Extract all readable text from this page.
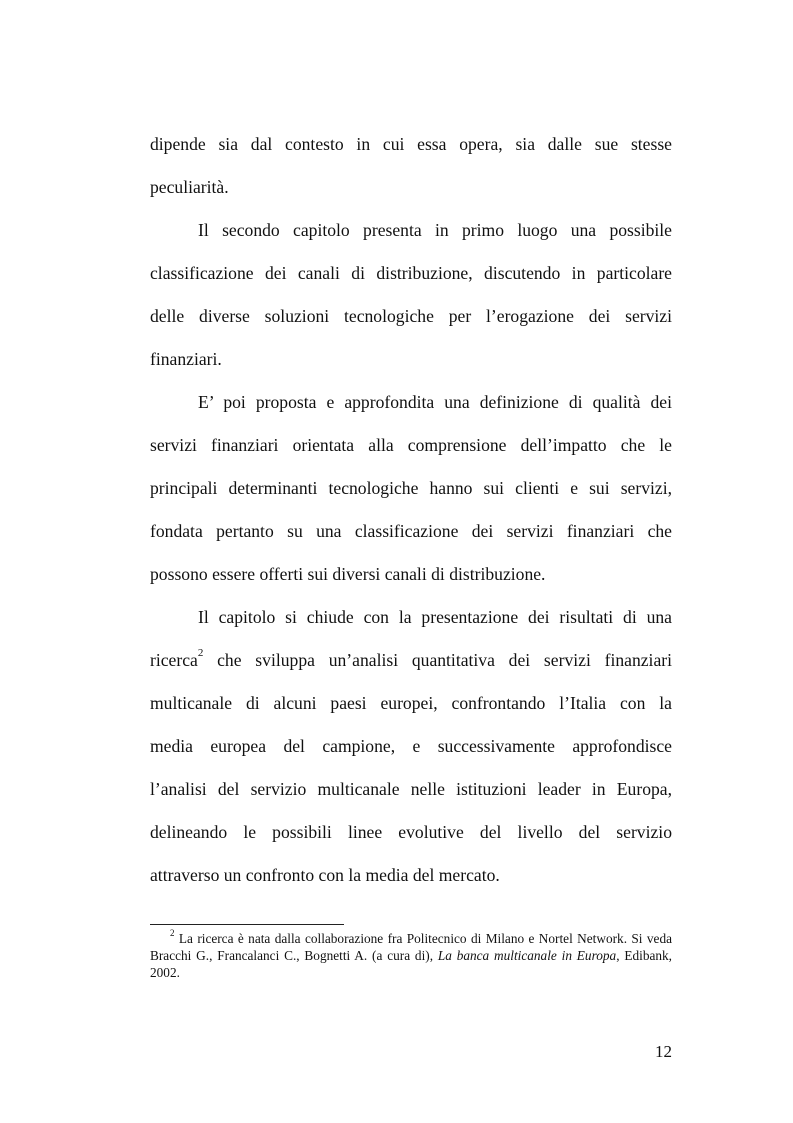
dipende sia dal contesto in cui essa opera, sia dalle sue stesse
peculiarità.
Il secondo capitolo presenta in primo luogo una possibile
classificazione dei canali di distribuzione, discutendo in particolare
delle diverse soluzioni tecnologiche per l’erogazione dei servizi
finanziari.
E’ poi proposta e approfondita una definizione di qualità dei
servizi finanziari orientata alla comprensione dell’impatto che le
principali determinanti tecnologiche hanno sui clienti e sui servizi,
fondata pertanto su una classificazione dei servizi finanziari che
possono essere offerti sui diversi canali di distribuzione.
Il capitolo si chiude con la presentazione dei risultati di una
ricerca$^2$ che sviluppa un’analisi quantitativa dei servizi finanziari
multicanale di alcuni paesi europei, confrontando l’Italia con la
media europea del campione, e successivamente approfondisce
l’analisi del servizio multicanale nelle istituzioni leader in Europa,
delineando le possibili linee evolutive del livello del servizio
attraverso un confronto con la media del mercato.
$^2$ La ricerca è nata dalla collaborazione fra Politecnico di Milano e Nortel Network. Si veda
Bracchi G., Francalanci C., Bognetti A. (a cura di), La banca multicanale in Europa, Edibank,
2002.
12
